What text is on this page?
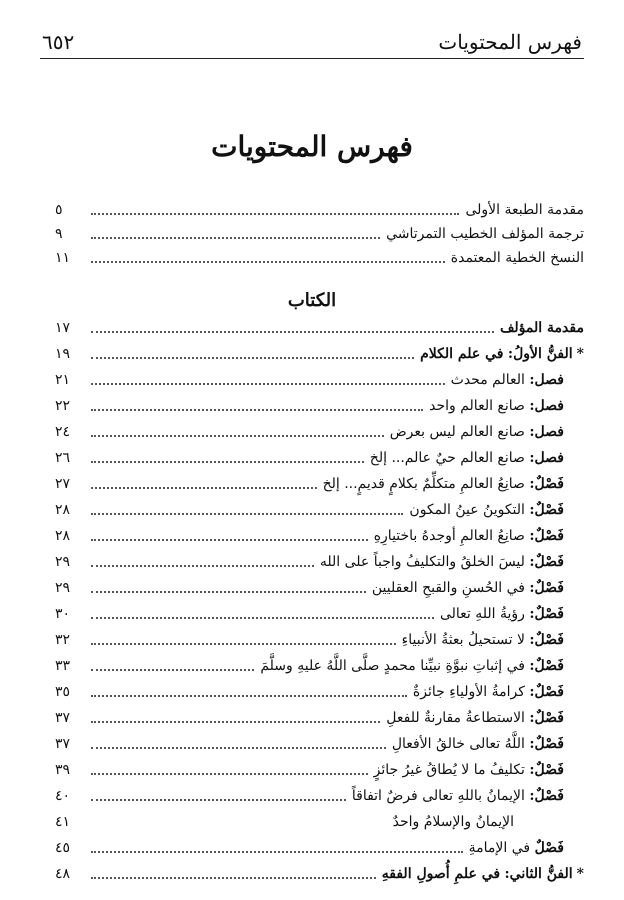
٦٥٢	فهرس المحتويات
فهرس المحتويات
مقدمة الطبعة الأولى
٥
ترجمة المؤلف الخطيب التمرتاشي
٩
النسخ الخطية المعتمدة
١١
الكتاب
مقدمة المؤلف
١٧
*الفنُّ الأولُ: في علم الكلام
١٩
فصل: العالم محدث
٢١
فصل: صانع العالم واحد
٢٢
فصل: صانع العالم ليس بعرض
٢٤
فصل: صانع العالم حيٌ عالم... إلخ
٢٦
فَصْلٌ: صانِعُ العالمِ متكلِّمٌ بكلامٍ قديمٍ... إلخ
٢٧
فَصْلٌ: التكوينُ عينُ المكون
٢٨
فَصْلٌ: صانِعُ العالمِ أوجدهُ باختيارِهِ
٢٨
فَصْلٌ: ليسَ الخلقُ والتكليفُ واجباً على الله
٢٩
فَصْلٌ: في الحُسنِ والقبحِ العقليين
٢٩
فَصْلٌ: رؤيةُ اللهِ تعالى
٣٠
فَصْلٌ: لا تستحيلُ بعثةُ الأنبياءِ
٣٢
فَصْلٌ: في إثباتِ نبوَّةِ نبيِّنا محمدٍ صلَّى اللَّهُ عليهِ وسلَّمَ
٣٣
فَصْلٌ: كرامةُ الأولياءِ جائزةٌ
٣٥
فَصْلٌ: الاستطاعةُ مقارنةٌ للفعلِ
٣٧
فَصْلٌ: اللَّهُ تعالى خالقُ الأفعالِ
٣٧
فَصْلٌ: تكليفُ ما لا يُطاقُ غيرُ جائزٍ
٣٩
فَصْلٌ: الإيمانُ باللهِ تعالى فرضٌ اتفاقاً
٤٠
الإيمانُ والإسلامُ واحدٌ
٤١
فَصْلٌ في الإمامةِ
٤٥
*الفنُّ الثاني: في علمِ أُصولِ الفقهِ
٤٨
